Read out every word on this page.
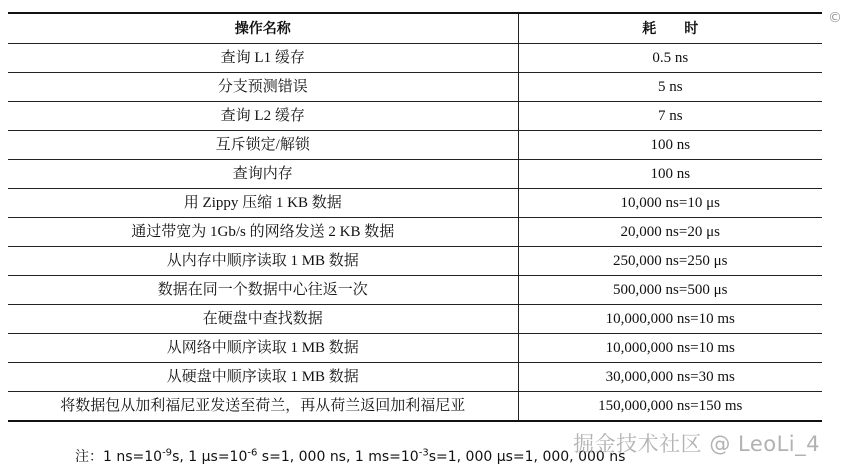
操作名称	耗　　时
查询 L1 缓存	0.5 ns
分支预测错误	5 ns
查询 L2 缓存	7 ns
互斥锁定/解锁	100 ns
查询内存	100 ns
用 Zippy 压缩 1 KB 数据	10,000 ns=10 μs
通过带宽为 1Gb/s 的网络发送 2 KB 数据	20,000 ns=20 μs
从内存中顺序读取 1 MB 数据	250,000 ns=250 μs
数据在同一个数据中心往返一次	500,000 ns=500 μs
在硬盘中查找数据	10,000,000 ns=10 ms
从网络中顺序读取 1 MB 数据	10,000,000 ns=10 ms
从硬盘中顺序读取 1 MB 数据	30,000,000 ns=30 ms
将数据包从加利福尼亚发送至荷兰，再从荷兰返回加利福尼亚	150,000,000 ns=150 ms
注：1 $ns=10^{-9}s$, 1 $\mu s=10^{-6}$ s=1, 000 ns, 1 $ms=10^{-3}s=1$, 000 μs=1, 000, 000 ns
掘金技术社区 @ LeoLi_4
©
